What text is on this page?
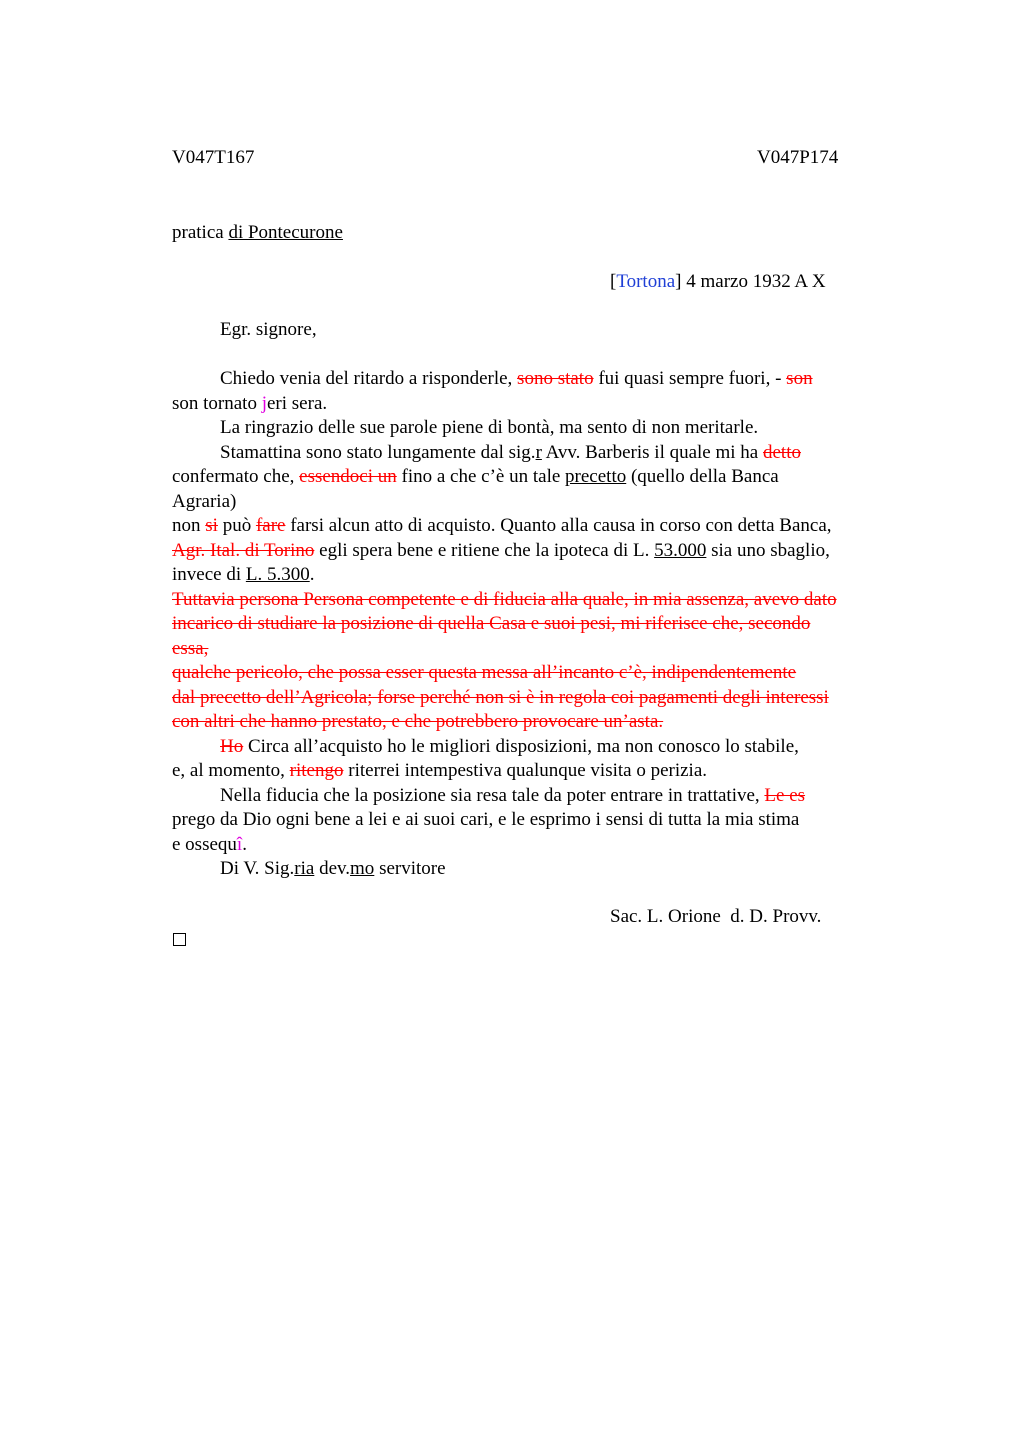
V047T167	V047P174
pratica di Pontecurone
[Tortona] 4 marzo 1932 A X
Egr. signore,
Chiedo venia del ritardo a risponderle, sono stato fui quasi sempre fuori, - son
son tornato jeri sera.
La ringrazio delle sue parole piene di bontà, ma sento di non meritarle.
Stamattina sono stato lungamente dal sig.r Avv. Barberis il quale mi ha detto
confermato che, essendoci un fino a che c’è un tale precetto (quello della Banca
Agraria)
non si può fare farsi alcun atto di acquisto. Quanto alla causa in corso con detta Banca,
Agr. Ital. di Torino egli spera bene e ritiene che la ipoteca di L. 53.000 sia uno sbaglio,
invece di L. 5.300.
Tuttavia persona Persona competente e di fiducia alla quale, in mia assenza, avevo dato
incarico di studiare la posizione di quella Casa e suoi pesi, mi riferisce che, secondo
essa,
qualche pericolo, che possa esser questa messa all’incanto c’è, indipendentemente
dal precetto dell’Agricola; forse perché non si è in regola coi pagamenti degli interessi
con altri che hanno prestato, e che potrebbero provocare un’asta.
Ho Circa all’acquisto ho le migliori disposizioni, ma non conosco lo stabile,
e, al momento, ritengo riterrei intempestiva qualunque visita o perizia.
Nella fiducia che la posizione sia resa tale da poter entrare in trattative, Le es
prego da Dio ogni bene a lei e ai suoi cari, e le esprimo i sensi di tutta la mia stima
e ossequî.
Di V. Sig.ria dev.mo servitore
Sac. L. Orione  d. D. Provv.
